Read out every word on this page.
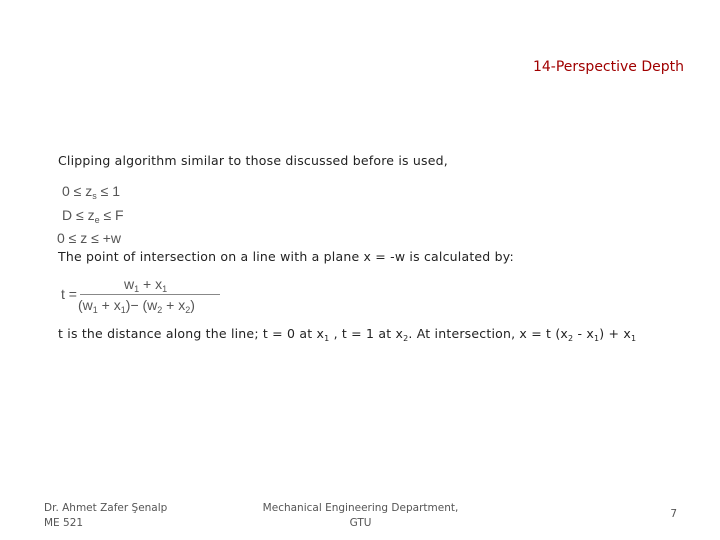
14-Perspective Depth
Clipping algorithm similar to those discussed before is used,
$0 \le z_s \le 1$
$D \le z_e \le F$
0 ≤ z ≤ +w
The point of intersection on a line with a plane x = -w is calculated by:
t =
$w_1 + x_1$
$(w_1 + x_1)- (w_2 + x_2)$
t is the distance along the line; t = 0 at $x_1$ , t = 1 at $x_2$. At intersection, x = t $(x_2 - x_1) + x_1$
Dr. Ahmet Zafer Şenalp
ME 521
Mechanical Engineering Department,
GTU
7
